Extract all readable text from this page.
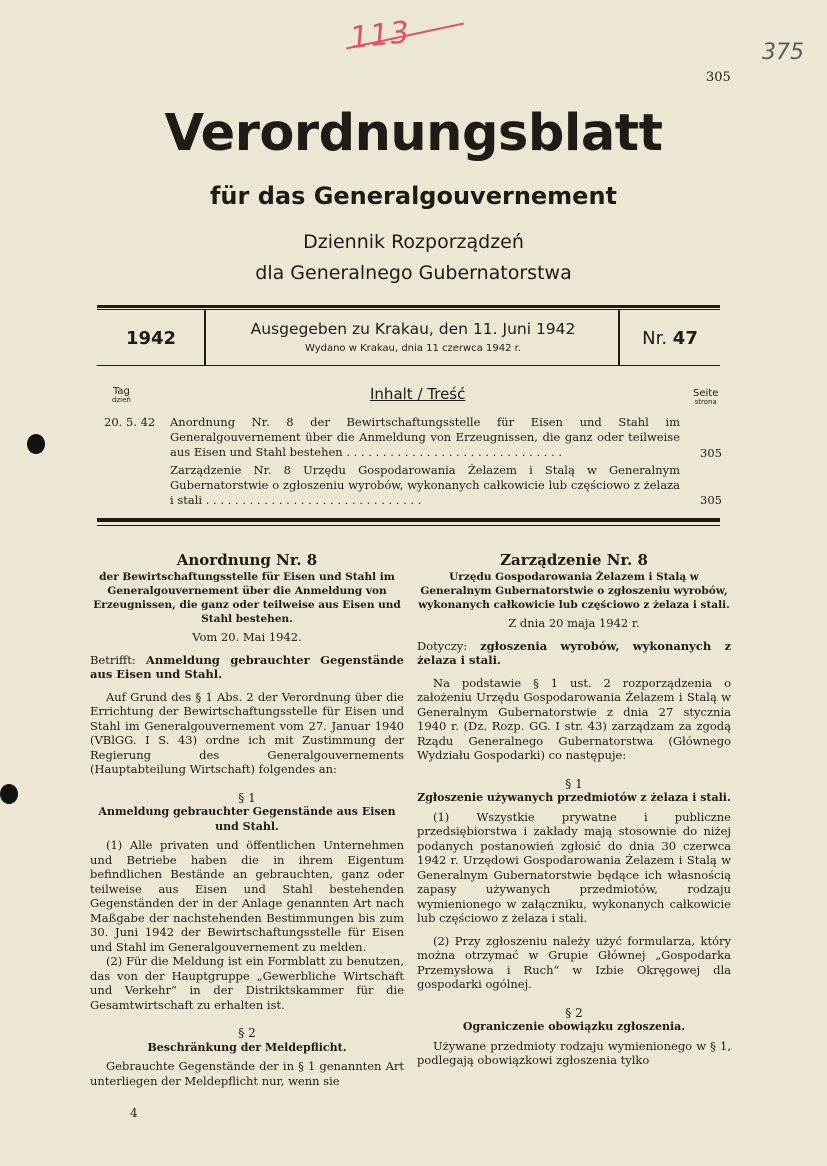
113	375
305
Verordnungsblatt
für das Generalgouvernement
Dziennik Rozporządzeń
dla Generalnego Gubernatorstwa
1942	Ausgegeben zu Krakau, den 11. Juni 1942
Wydano w Krakau, dnia 11 czerwca 1942 r.	Nr. 47
Tag
dzień	Inhalt / Treść	Seite
strona
20. 5. 42 Anordnung Nr. 8 der Bewirtschaftungsstelle für Eisen und Stahl im Generalgouvernement über die Anmeldung von Erzeugnissen, die ganz oder teilweise aus Eisen und Stahl bestehen . . . . . . . . . . . . . . . . . . . . . . . . . . . . . .	305
Zarządzenie Nr. 8 Urzędu Gospodarowania Żelazem i Stalą w Generalnym Gubernatorstwie o zgłoszeniu wyrobów, wykonanych całkowicie lub częściowo z żelaza i stali . . . . . . . . . . . . . . . . . . . . . . . . . . . . . .	305

Anordnung Nr. 8

der Bewirtschaftungsstelle für Eisen und Stahl im Generalgouvernement über die Anmeldung von Erzeugnissen, die ganz oder teilweise aus Eisen und Stahl bestehen.

Vom 20. Mai 1942.

Betrifft: Anmeldung gebrauchter Gegenstände aus Eisen und Stahl.

Auf Grund des § 1 Abs. 2 der Verordnung über die Errichtung der Bewirtschaftungsstelle für Eisen und Stahl im Generalgouvernement vom 27. Januar 1940 (VBlGG. I S. 43) ordne ich mit Zustimmung der Regierung des Generalgouvernements (Hauptabteilung Wirtschaft) folgendes an:

§ 1

Anmeldung gebrauchter Gegenstände aus Eisen und Stahl.

(1) Alle privaten und öffentlichen Unternehmen und Betriebe haben die in ihrem Eigentum befindlichen Bestände an gebrauchten, ganz oder teilweise aus Eisen und Stahl bestehenden Gegenständen der in der Anlage genannten Art nach Maßgabe der nachstehenden Bestimmungen bis zum 30. Juni 1942 der Bewirtschaftungsstelle für Eisen und Stahl im Generalgouvernement zu melden.

(2) Für die Meldung ist ein Formblatt zu benutzen, das von der Hauptgruppe „Gewerbliche Wirtschaft und Verkehr“ in der Distriktskammer für die Gesamtwirtschaft zu erhalten ist.

§ 2

Beschränkung der Meldepflicht.

Gebrauchte Gegenstände der in § 1 genannten Art unterliegen der Meldepflicht nur, wenn sie

Zarządzenie Nr. 8

Urzędu Gospodarowania Żelazem i Stalą w Generalnym Gubernatorstwie o zgłoszeniu wyrobów, wykonanych całkowicie lub częściowo z żelaza i stali.

Z dnia 20 maja 1942 r.

Dotyczy: zgłoszenia wyrobów, wykonanych z żelaza i stali.

Na podstawie § 1 ust. 2 rozporządzenia o założeniu Urzędu Gospodarowania Żelazem i Stalą w Generalnym Gubernatorstwie z dnia 27 stycznia 1940 r. (Dz. Rozp. GG. I str. 43) zarządzam za zgodą Rządu Generalnego Gubernatorstwa (Głównego Wydziału Gospodarki) co następuje:

§ 1

Zgłoszenie używanych przedmiotów z żelaza i stali.

(1) Wszystkie prywatne i publiczne przedsiębiorstwa i zakłady mają stosownie do niżej podanych postanowień zgłosić do dnia 30 czerwca 1942 r. Urzędowi Gospodarowania Żelazem i Stalą w Generalnym Gubernatorstwie będące ich własnością zapasy używanych przedmiotów, rodzaju wymienionego w załączniku, wykonanych całkowicie lub częściowo z żelaza i stali.

(2) Przy zgłoszeniu należy użyć formularza, który można otrzymać w Grupie Głównej „Gospodarka Przemysłowa i Ruch“ w Izbie Okręgowej dla gospodarki ogólnej.

§ 2

Ograniczenie obowiązku zgłoszenia.

Używane przedmioty rodzaju wymienionego w § 1, podlegają obowiązkowi zgłoszenia tylko

4
